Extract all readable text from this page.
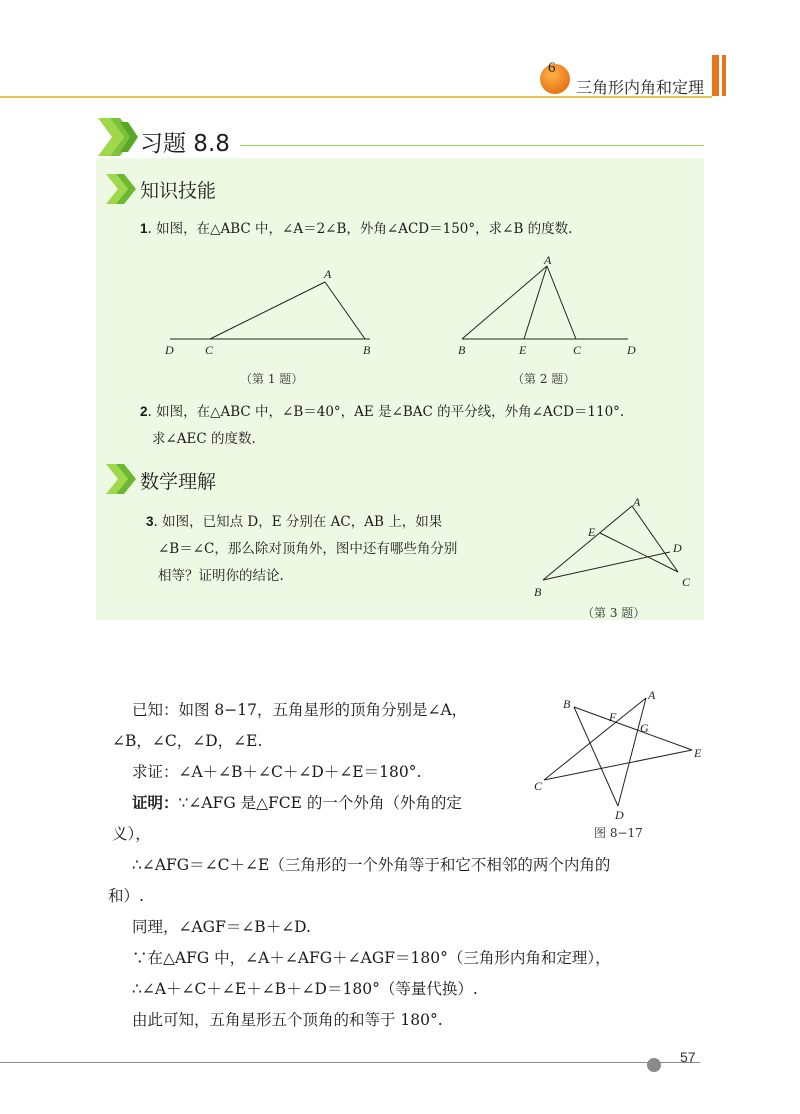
6
三角形内角和定理
习题 8.8
知识技能
1. 如图，在△ABC 中，∠A＝2∠B，外角∠ACD＝150°，求∠B 的度数.
A
B
C
D
（第 1 题）
A
B	E	C	D
（第 2 题）
2. 如图，在△ABC 中，∠B＝40°，AE 是∠BAC 的平分线，外角∠ACD＝110°.
求∠AEC 的度数.
数学理解
3. 如图，已知点 D，E 分别在 AC，AB 上，如果
∠B＝∠C，那么除对顶角外，图中还有哪些角分别
相等？证明你的结论.
A
E
D
B
C
（第 3 题）
已知：如图 8−17，五角星形的顶角分别是∠A，
∠B，∠C，∠D，∠E.
求证：∠A＋∠B＋∠C＋∠D＋∠E＝180°.
证明：∵∠AFG 是△FCE 的一个外角（外角的定
义），
A
B
C
D
E
F
G
图 8−17
∴∠AFG＝∠C＋∠E（三角形的一个外角等于和它不相邻的两个内角的
和）.
同理，∠AGF＝∠B＋∠D.
∵在△AFG 中，∠A＋∠AFG＋∠AGF＝180°（三角形内角和定理），
∴∠A＋∠C＋∠E＋∠B＋∠D＝180°（等量代换）.
由此可知，五角星形五个顶角的和等于 180°.
57
